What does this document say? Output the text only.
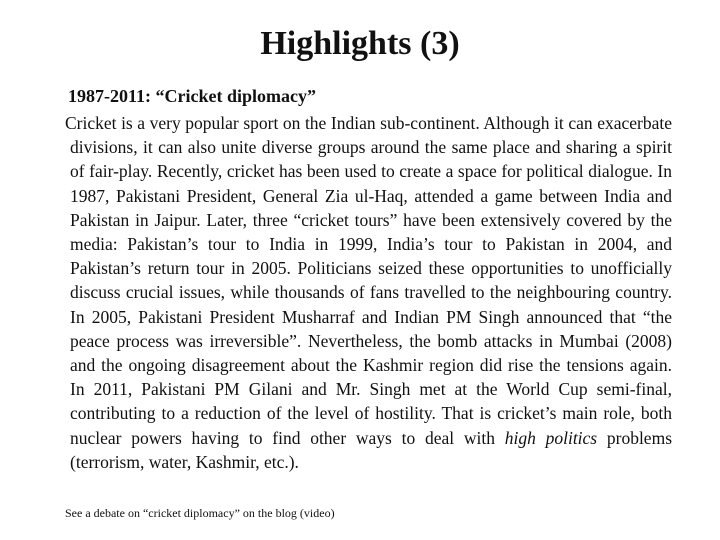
Highlights (3)
1987-2011: “Cricket diplomacy”

Cricket is a very popular sport on the Indian sub-continent. Although it can exacerbate divisions, it can also unite diverse groups around the same place and sharing a spirit of fair-play. Recently, cricket has been used to create a space for political dialogue. In 1987, Pakistani President, General Zia ul-Haq, attended a game between India and Pakistan in Jaipur. Later, three “cricket tours” have been extensively covered by the media: Pakistan’s tour to India in 1999, India’s tour to Pakistan in 2004, and Pakistan’s return tour in 2005. Politicians seized these opportunities to unofficially discuss crucial issues, while thousands of fans travelled to the neighbouring country. In 2005, Pakistani President Musharraf and Indian PM Singh announced that “the peace process was irreversible”. Nevertheless, the bomb attacks in Mumbai (2008) and the ongoing disagreement about the Kashmir region did rise the tensions again. In 2011, Pakistani PM Gilani and Mr. Singh met at the World Cup semi-final, contributing to a reduction of the level of hostility. That is cricket’s main role, both nuclear powers having to find other ways to deal with high politics problems (terrorism, water, Kashmir, etc.).

See a debate on “cricket diplomacy” on the blog (video)
